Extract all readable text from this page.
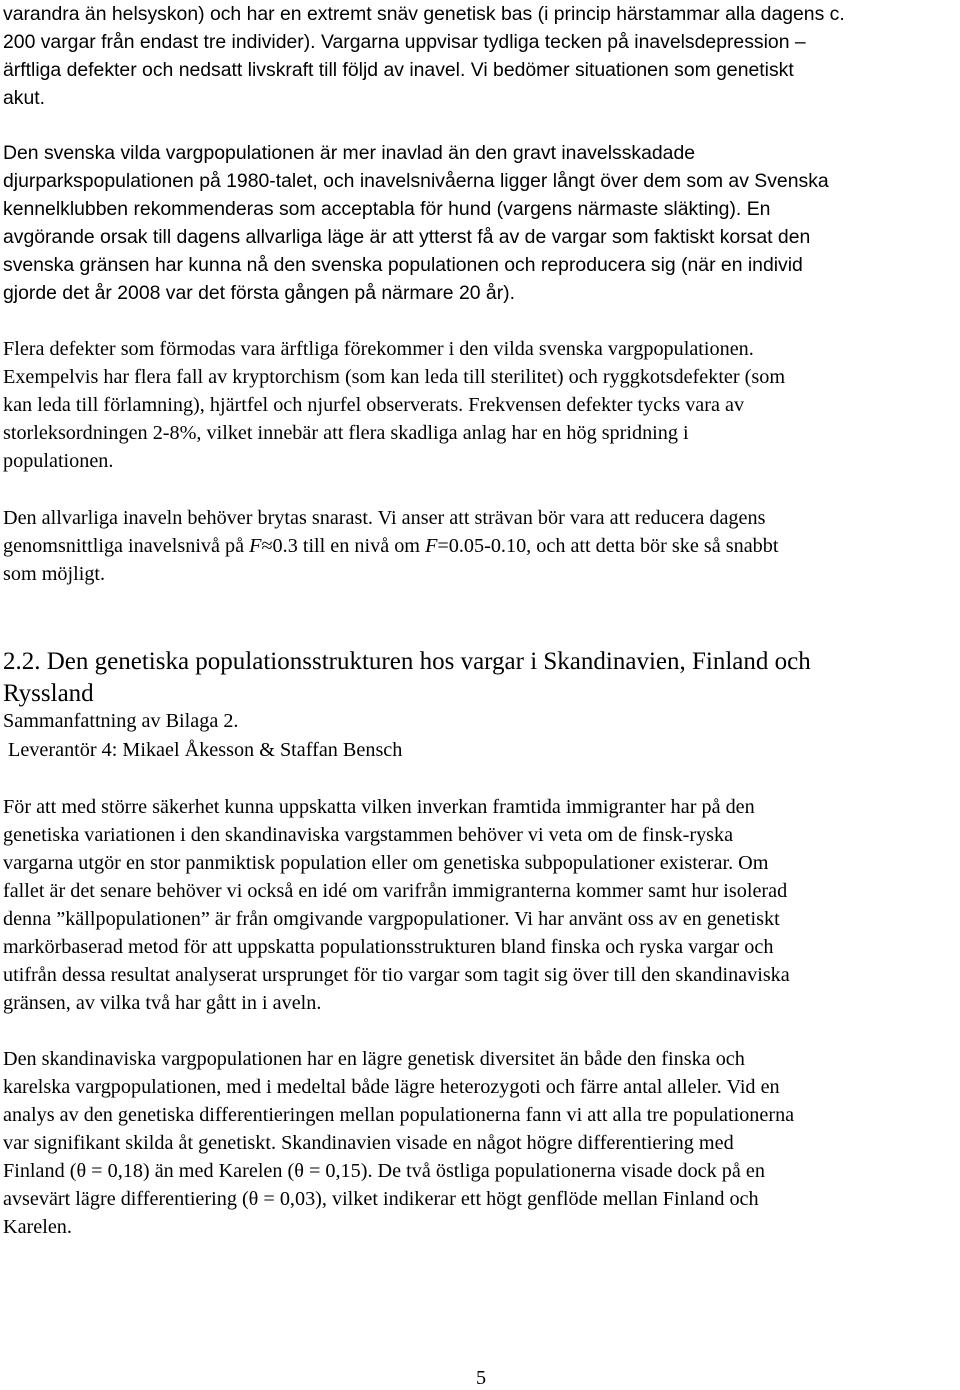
varandra än helsyskon) och har en extremt snäv genetisk bas (i princip härstammar alla dagens c.
200 vargar från endast tre individer). Vargarna uppvisar tydliga tecken på inavelsdepression –
ärftliga defekter och nedsatt livskraft till följd av inavel. Vi bedömer situationen som genetiskt
akut.
Den svenska vilda vargpopulationen är mer inavlad än den gravt inavelsskadade
djurparkspopulationen på 1980-talet, och inavelsnivåerna ligger långt över dem som av Svenska
kennelklubben rekommenderas som acceptabla för hund (vargens närmaste släkting). En
avgörande orsak till dagens allvarliga läge är att ytterst få av de vargar som faktiskt korsat den
svenska gränsen har kunna nå den svenska populationen och reproducera sig (när en individ
gjorde det år 2008 var det första gången på närmare 20 år).
Flera defekter som förmodas vara ärftliga förekommer i den vilda svenska vargpopulationen.
Exempelvis har flera fall av kryptorchism (som kan leda till sterilitet) och ryggkotsdefekter (som
kan leda till förlamning), hjärtfel och njurfel observerats. Frekvensen defekter tycks vara av
storleksordningen 2-8%, vilket innebär att flera skadliga anlag har en hög spridning i
populationen.
Den allvarliga inaveln behöver brytas snarast. Vi anser att strävan bör vara att reducera dagens
genomsnittliga inavelsnivå på F≈0.3 till en nivå om F=0.05-0.10, och att detta bör ske så snabbt
som möjligt.
2.2. Den genetiska populationsstrukturen hos vargar i Skandinavien, Finland och
Ryssland
Sammanfattning av Bilaga 2.
Leverantör 4: Mikael Åkesson & Staffan Bensch
För att med större säkerhet kunna uppskatta vilken inverkan framtida immigranter har på den
genetiska variationen i den skandinaviska vargstammen behöver vi veta om de finsk-ryska
vargarna utgör en stor panmiktisk population eller om genetiska subpopulationer existerar. Om
fallet är det senare behöver vi också en idé om varifrån immigranterna kommer samt hur isolerad
denna ”källpopulationen” är från omgivande vargpopulationer. Vi har använt oss av en genetiskt
markörbaserad metod för att uppskatta populationsstrukturen bland finska och ryska vargar och
utifrån dessa resultat analyserat ursprunget för tio vargar som tagit sig över till den skandinaviska
gränsen, av vilka två har gått in i aveln.
Den skandinaviska vargpopulationen har en lägre genetisk diversitet än både den finska och
karelska vargpopulationen, med i medeltal både lägre heterozygoti och färre antal alleler. Vid en
analys av den genetiska differentieringen mellan populationerna fann vi att alla tre populationerna
var signifikant skilda åt genetiskt. Skandinavien visade en något högre differentiering med
Finland (θ = 0,18) än med Karelen (θ = 0,15). De två östliga populationerna visade dock på en
avsevärt lägre differentiering (θ = 0,03), vilket indikerar ett högt genflöde mellan Finland och
Karelen.
5
